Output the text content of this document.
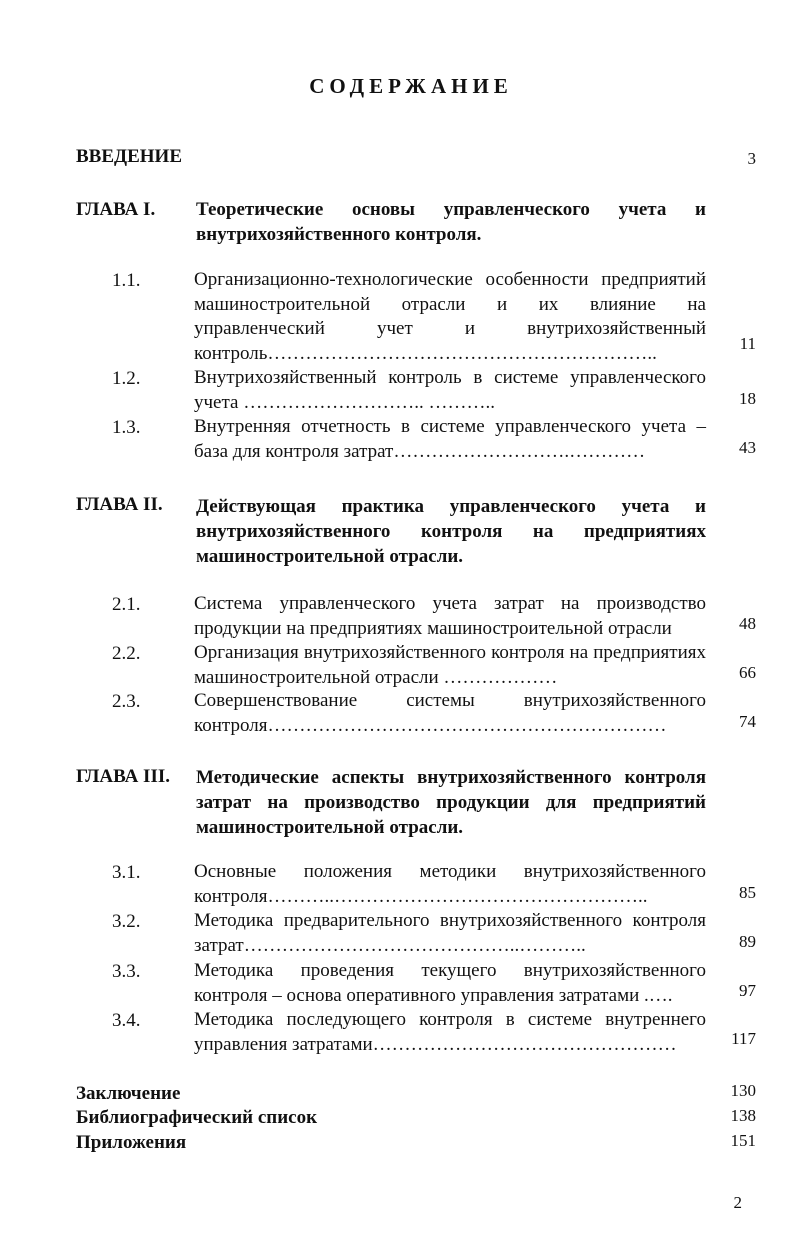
СОДЕРЖАНИЕ
ВВЕДЕНИЕ	3
ГЛАВА I. Теоретические основы управленческого учета и внутрихозяйственного контроля.
1.1.	Организационно-технологические особенности предприятий машиностроительной отрасли и их влияние на управленческий учет и внутрихозяйственный контроль……………………………………………………..	11
1.2.	Внутрихозяйственный контроль в системе управленческого учета ……………………….. ………..	18
1.3.	Внутренняя отчетность в системе управленческого учета – база для контроля затрат……………………….…………	43
ГЛАВА II. Действующая практика управленческого учета и внутрихозяйственного контроля на предприятиях машиностроительной отрасли.
2.1.	Система управленческого учета затрат на производство продукции на предприятиях машиностроительной отрасли	48
2.2.	Организация внутрихозяйственного контроля на предприятиях машиностроительной отрасли ………………	66
2.3.	Совершенствование системы внутрихозяйственного контроля………………………………………………………	74
ГЛАВА III. Методические аспекты внутрихозяйственного контроля затрат на производство продукции для предприятий машиностроительной отрасли.
3.1.	Основные положения методики внутрихозяйственного контроля………..…………………………………………..	85
3.2.	Методика предварительного внутрихозяйственного контроля затрат……………………………………..………..	89
3.3.	Методика проведения текущего внутрихозяйственного контроля – основа оперативного управления затратами .….	97
3.4.	Методика последующего контроля в системе внутреннего управления затратами…………………………………………	117
Заключение	130
Библиографический список	138
Приложения	151
2
